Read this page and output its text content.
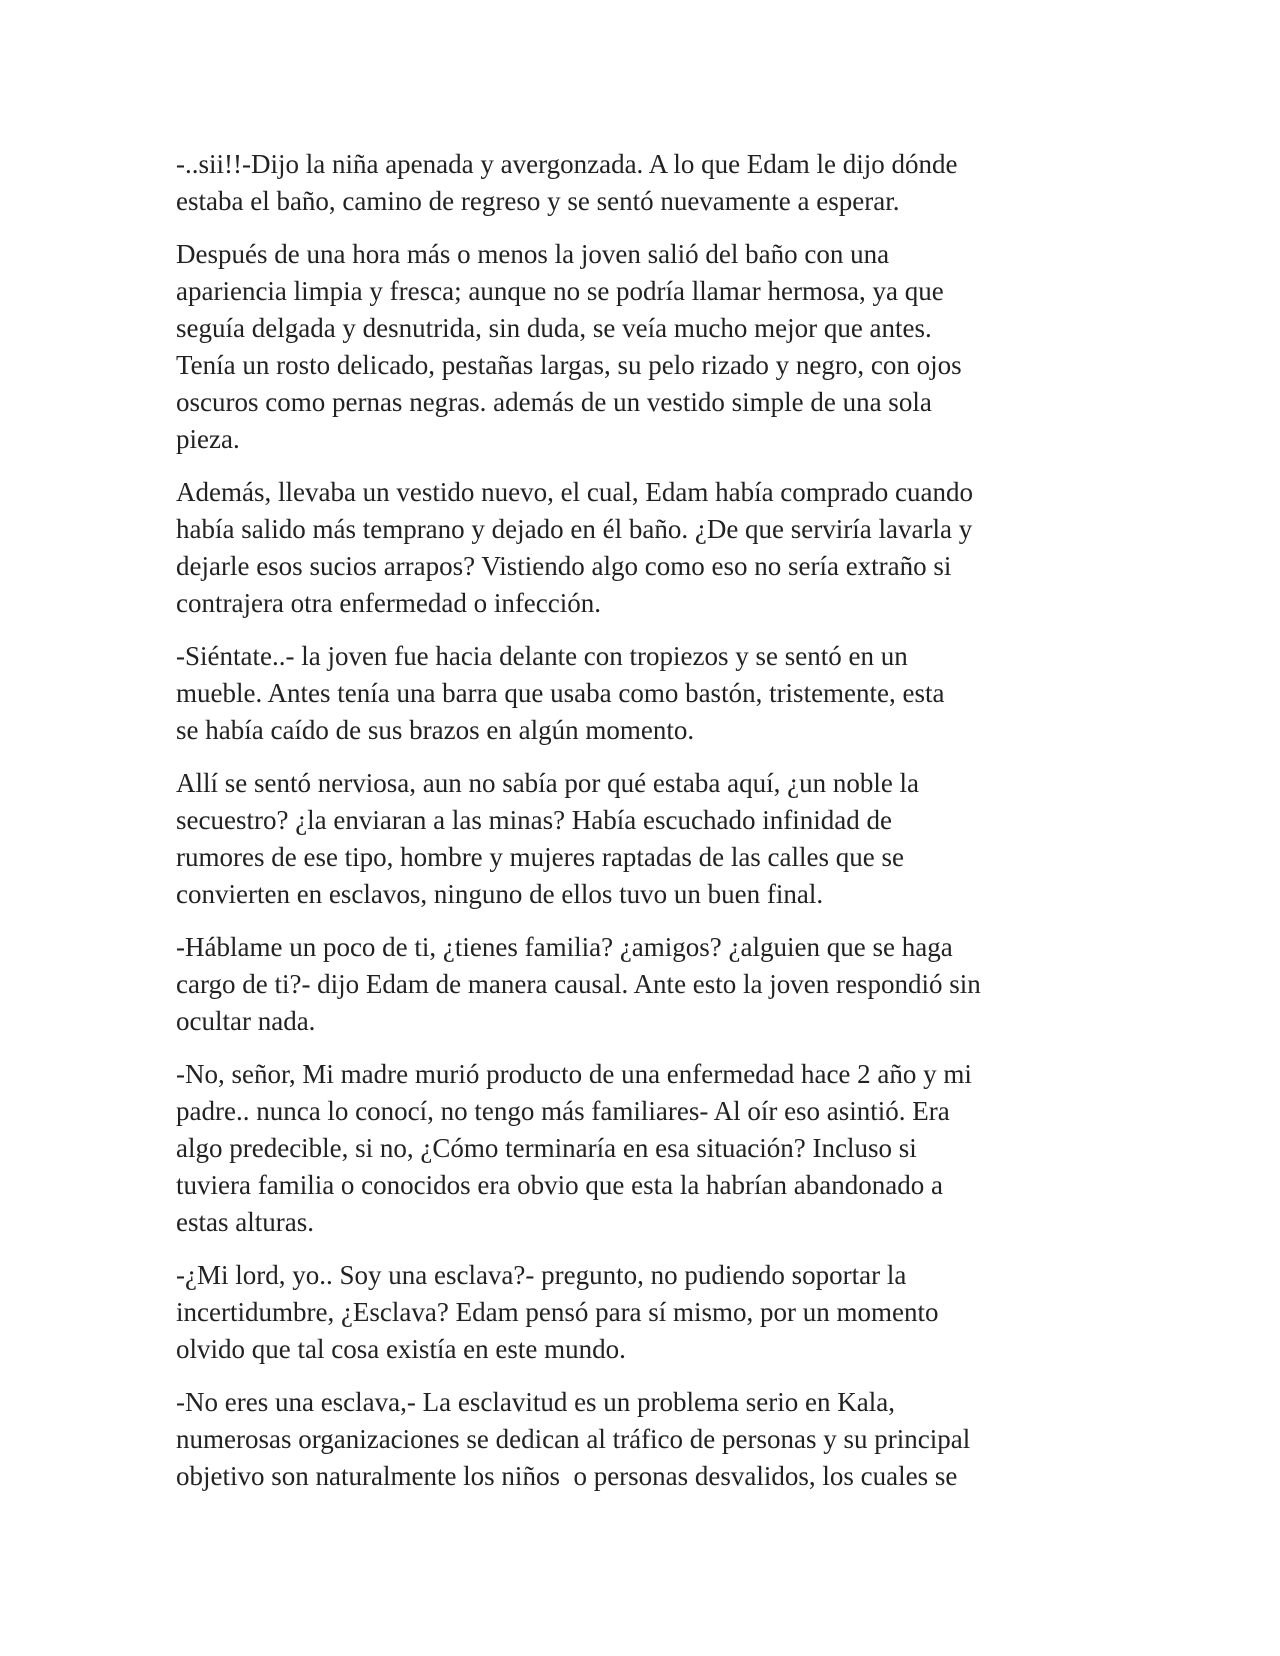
-..sii!!-Dijo la niña apenada y avergonzada. A lo que Edam le dijo dónde
estaba el baño, camino de regreso y se sentó nuevamente a esperar.
Después de una hora más o menos la joven salió del baño con una
apariencia limpia y fresca; aunque no se podría llamar hermosa, ya que
seguía delgada y desnutrida, sin duda, se veía mucho mejor que antes.
Tenía un rosto delicado, pestañas largas, su pelo rizado y negro, con ojos
oscuros como pernas negras. además de un vestido simple de una sola
pieza.
Además, llevaba un vestido nuevo, el cual, Edam había comprado cuando
había salido más temprano y dejado en él baño. ¿De que serviría lavarla y
dejarle esos sucios arrapos? Vistiendo algo como eso no sería extraño si
contrajera otra enfermedad o infección.
-Siéntate..- la joven fue hacia delante con tropiezos y se sentó en un
mueble. Antes tenía una barra que usaba como bastón, tristemente, esta
se había caído de sus brazos en algún momento.
Allí se sentó nerviosa, aun no sabía por qué estaba aquí, ¿un noble la
secuestro? ¿la enviaran a las minas? Había escuchado infinidad de
rumores de ese tipo, hombre y mujeres raptadas de las calles que se
convierten en esclavos, ninguno de ellos tuvo un buen final.
-Háblame un poco de ti, ¿tienes familia? ¿amigos? ¿alguien que se haga
cargo de ti?- dijo Edam de manera causal. Ante esto la joven respondió sin
ocultar nada.
-No, señor, Mi madre murió producto de una enfermedad hace 2 año y mi
padre.. nunca lo conocí, no tengo más familiares- Al oír eso asintió. Era
algo predecible, si no, ¿Cómo terminaría en esa situación? Incluso si
tuviera familia o conocidos era obvio que esta la habrían abandonado a
estas alturas.
-¿Mi lord, yo.. Soy una esclava?- pregunto, no pudiendo soportar la
incertidumbre, ¿Esclava? Edam pensó para sí mismo, por un momento
olvido que tal cosa existía en este mundo.
-No eres una esclava,- La esclavitud es un problema serio en Kala,
numerosas organizaciones se dedican al tráfico de personas y su principal
objetivo son naturalmente los niños  o personas desvalidos, los cuales se
